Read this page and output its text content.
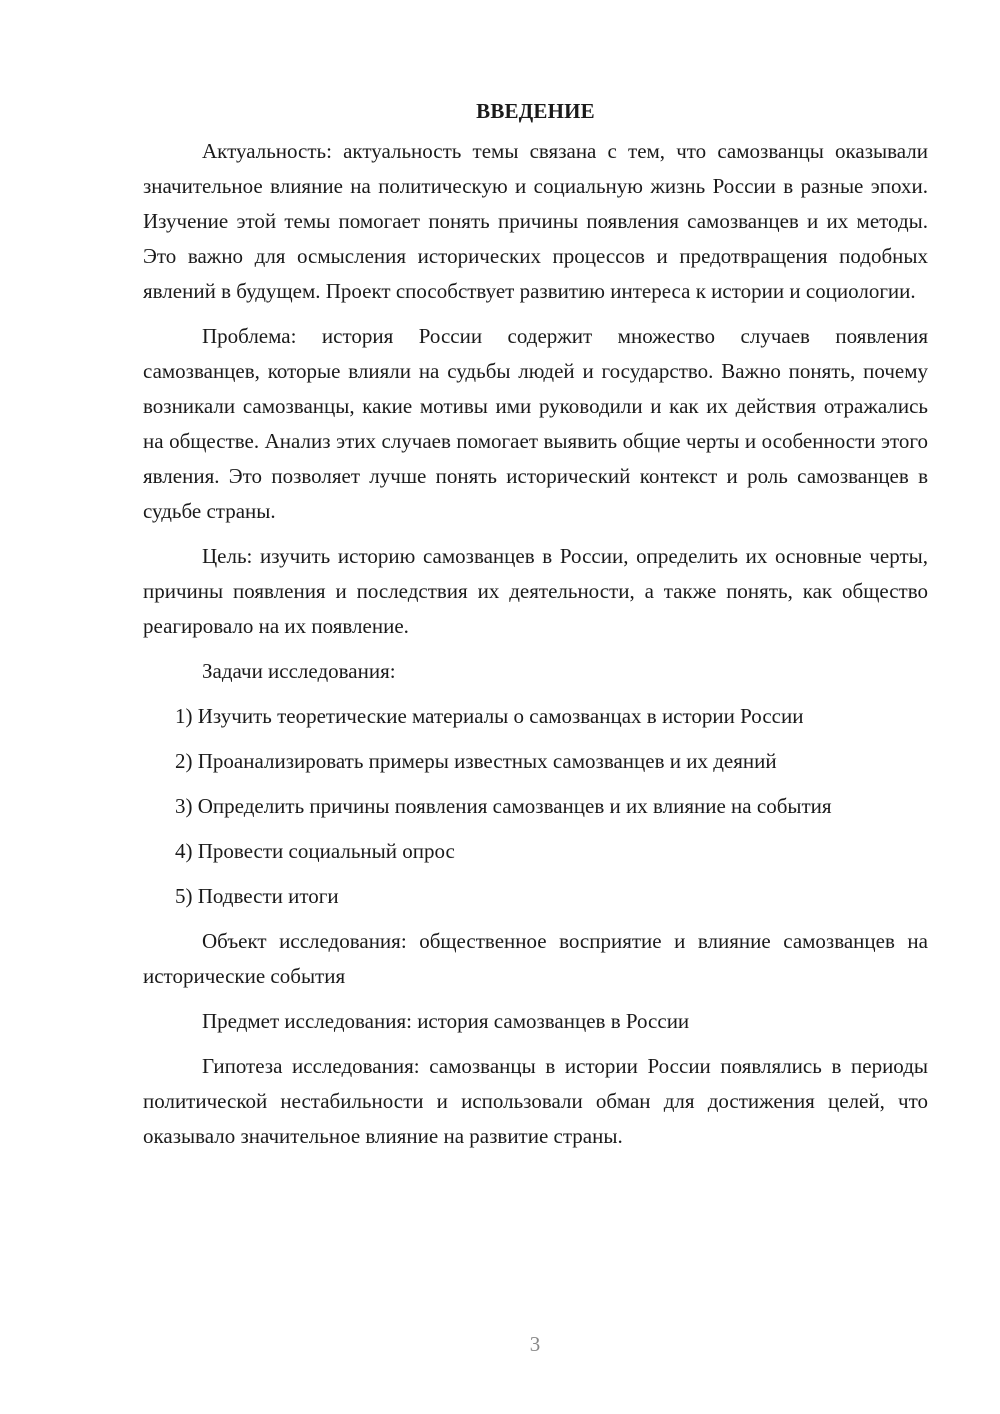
ВВЕДЕНИЕ

Актуальность: актуальность темы связана с тем, что самозванцы оказывали значительное влияние на политическую и социальную жизнь России в разные эпохи. Изучение этой темы помогает понять причины появления самозванцев и их методы. Это важно для осмысления исторических процессов и предотвращения подобных явлений в будущем. Проект способствует развитию интереса к истории и социологии.

Проблема: история России содержит множество случаев появления самозванцев, которые влияли на судьбы людей и государство. Важно понять, почему возникали самозванцы, какие мотивы ими руководили и как их действия отражались на обществе. Анализ этих случаев помогает выявить общие черты и особенности этого явления. Это позволяет лучше понять исторический контекст и роль самозванцев в судьбе страны.

Цель: изучить историю самозванцев в России, определить их основные черты, причины появления и последствия их деятельности, а также понять, как общество реагировало на их появление.

Задачи исследования:

1) Изучить теоретические материалы о самозванцах в истории России

2) Проанализировать примеры известных самозванцев и их деяний

3) Определить причины появления самозванцев и их влияние на события

4) Провести социальный опрос

5) Подвести итоги

Объект исследования: общественное восприятие и влияние самозванцев на исторические события

Предмет исследования: история самозванцев в России

Гипотеза исследования: самозванцы в истории России появлялись в периоды политической нестабильности и использовали обман для достижения целей, что оказывало значительное влияние на развитие страны.

3
